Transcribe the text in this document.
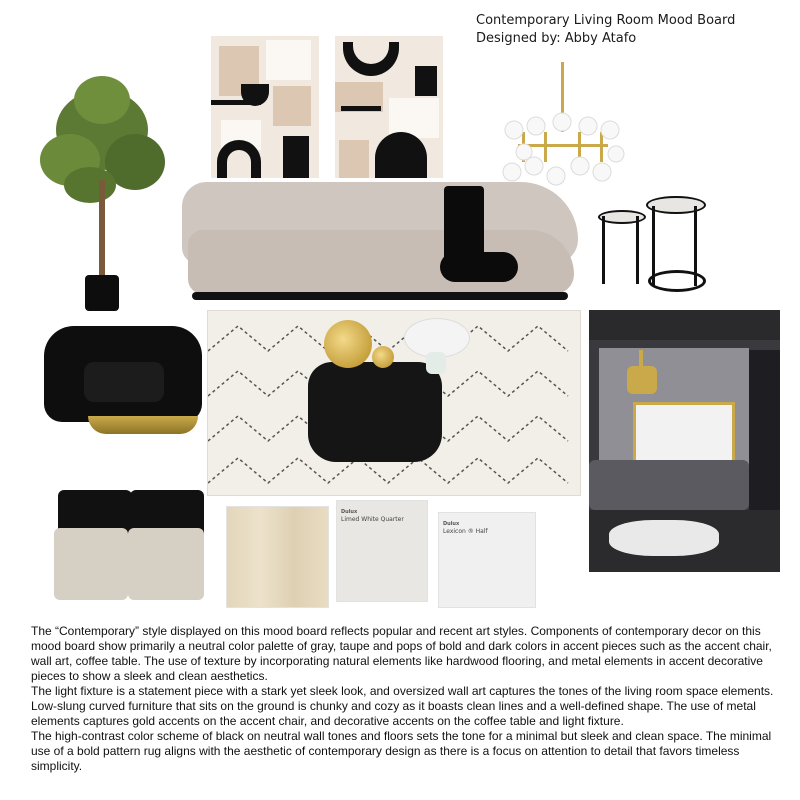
Contemporary Living Room Mood Board
Designed by: Abby Atafo
Dulux
Limed White Quarter
Dulux
Lexicon ® Half

The “Contemporary” style displayed on this mood board reflects popular and recent art styles. Components of contemporary decor on this mood board show primarily a neutral color palette of gray, taupe and pops of bold and dark colors in accent pieces such as the accent chair, wall art, coffee table. The use of texture by incorporating natural elements like hardwood flooring, and metal elements in accent decorative pieces to show a sleek and clean aesthetics.

The light fixture is a statement piece with a stark yet sleek look, and oversized wall art captures the tones of the living room space elements. Low-slung curved furniture that sits on the ground is chunky and cozy as it boasts clean lines and a well-defined shape. The use of metal elements captures gold accents on the accent chair, and decorative accents on the coffee table and light fixture.

The high-contrast color scheme of black on neutral wall tones and floors sets the tone for a minimal but sleek and clean space. The minimal use of a bold pattern rug aligns with the aesthetic of contemporary design as there is a focus on attention to detail that favors timeless simplicity.
